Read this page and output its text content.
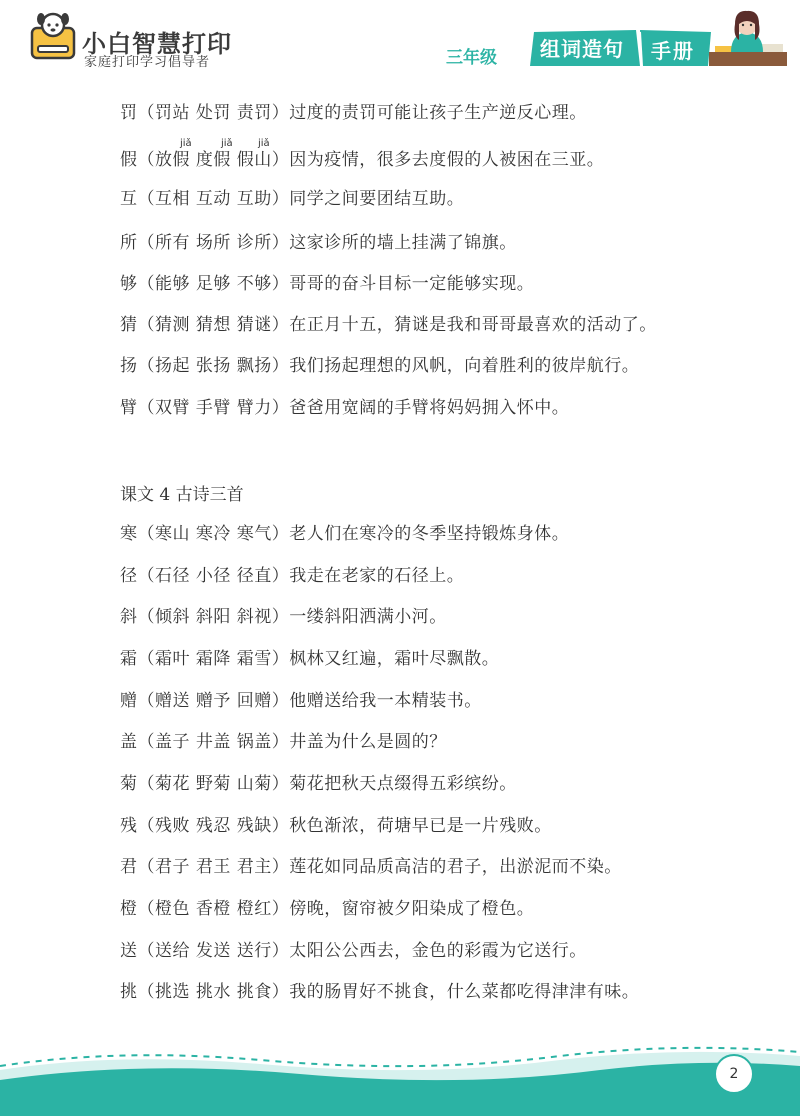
小白智慧打印
家庭打印学习倡导者	三年级 组词造句 手册
jiǎ	jiǎ	jiǎ
罚（罚站 处罚 责罚）过度的责罚可能让孩子生产逆反心理。
假（放假 度假 假山）因为疫情，很多去度假的人被困在三亚。
互（互相 互动 互助）同学之间要团结互助。
所（所有 场所 诊所）这家诊所的墙上挂满了锦旗。
够（能够 足够 不够）哥哥的奋斗目标一定能够实现。
猜（猜测 猜想 猜谜）在正月十五，猜谜是我和哥哥最喜欢的活动了。
扬（扬起 张扬 飘扬）我们扬起理想的风帆，向着胜利的彼岸航行。
臂（双臂 手臂 臂力）爸爸用宽阔的手臂将妈妈拥入怀中。
课文 4 古诗三首
寒（寒山 寒冷 寒气）老人们在寒冷的冬季坚持锻炼身体。
径（石径 小径 径直）我走在老家的石径上。
斜（倾斜 斜阳 斜视）一缕斜阳洒满小河。
霜（霜叶 霜降 霜雪）枫林又红遍，霜叶尽飘散。
赠（赠送 赠予 回赠）他赠送给我一本精装书。
盖（盖子 井盖 锅盖）井盖为什么是圆的？
菊（菊花 野菊 山菊）菊花把秋天点缀得五彩缤纷。
残（残败 残忍 残缺）秋色渐浓，荷塘早已是一片残败。
君（君子 君王 君主）莲花如同品质高洁的君子，出淤泥而不染。
橙（橙色 香橙 橙红）傍晚，窗帘被夕阳染成了橙色。
送（送给 发送 送行）太阳公公西去，金色的彩霞为它送行。
挑（挑选 挑水 挑食）我的肠胃好不挑食，什么菜都吃得津津有味。
2
